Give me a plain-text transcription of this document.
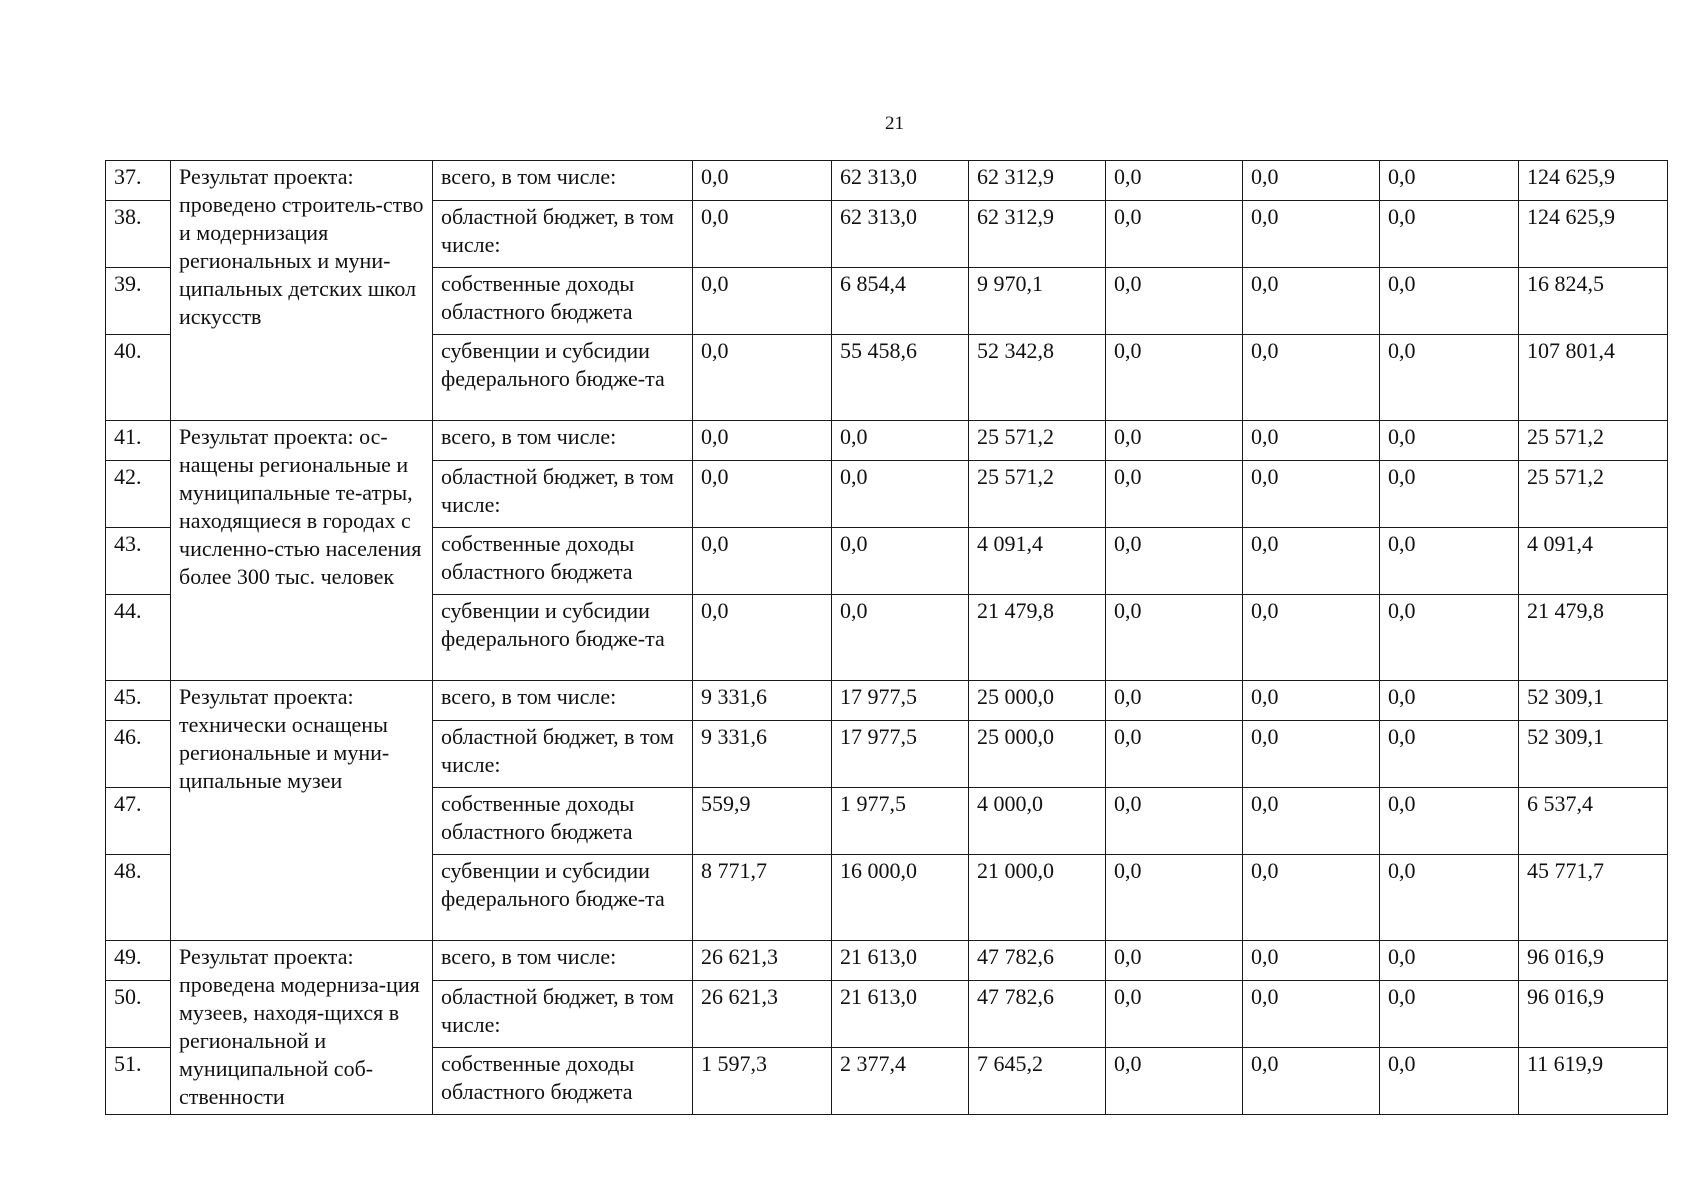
21
37.	Результат проекта: проведено строитель-ство и модернизация региональных и муни-ципальных детских школ искусств	всего, в том числе:	0,0	62 313,0	62 312,9	0,0	0,0	0,0	124 625,9
38.		областной бюджет, в том числе:	0,0	62 313,0	62 312,9	0,0	0,0	0,0	124 625,9
39.		собственные доходы областного бюджета	0,0	6 854,4	9 970,1	0,0	0,0	0,0	16 824,5
40.		субвенции и субсидии федерального бюдже-та	0,0	55 458,6	52 342,8	0,0	0,0	0,0	107 801,4
41.	Результат проекта: ос-нащены региональные и муниципальные те-атры, находящиеся в городах с численно-стью населения более 300 тыс. человек	всего, в том числе:	0,0	0,0	25 571,2	0,0	0,0	0,0	25 571,2
42.		областной бюджет, в том числе:	0,0	0,0	25 571,2	0,0	0,0	0,0	25 571,2
43.		собственные доходы областного бюджета	0,0	0,0	4 091,4	0,0	0,0	0,0	4 091,4
44.		субвенции и субсидии федерального бюдже-та	0,0	0,0	21 479,8	0,0	0,0	0,0	21 479,8
45.	Результат проекта: технически оснащены региональные и муни-ципальные музеи	всего, в том числе:	9 331,6	17 977,5	25 000,0	0,0	0,0	0,0	52 309,1
46.		областной бюджет, в том числе:	9 331,6	17 977,5	25 000,0	0,0	0,0	0,0	52 309,1
47.		собственные доходы областного бюджета	559,9	1 977,5	4 000,0	0,0	0,0	0,0	6 537,4
48.		субвенции и субсидии федерального бюдже-та	8 771,7	16 000,0	21 000,0	0,0	0,0	0,0	45 771,7
49.	Результат проекта: проведена модерниза-ция музеев, находя-щихся в региональной и муниципальной соб-ственности	всего, в том числе:	26 621,3	21 613,0	47 782,6	0,0	0,0	0,0	96 016,9
50.		областной бюджет, в том числе:	26 621,3	21 613,0	47 782,6	0,0	0,0	0,0	96 016,9
51.		собственные доходы областного бюджета	1 597,3	2 377,4	7 645,2	0,0	0,0	0,0	11 619,9
